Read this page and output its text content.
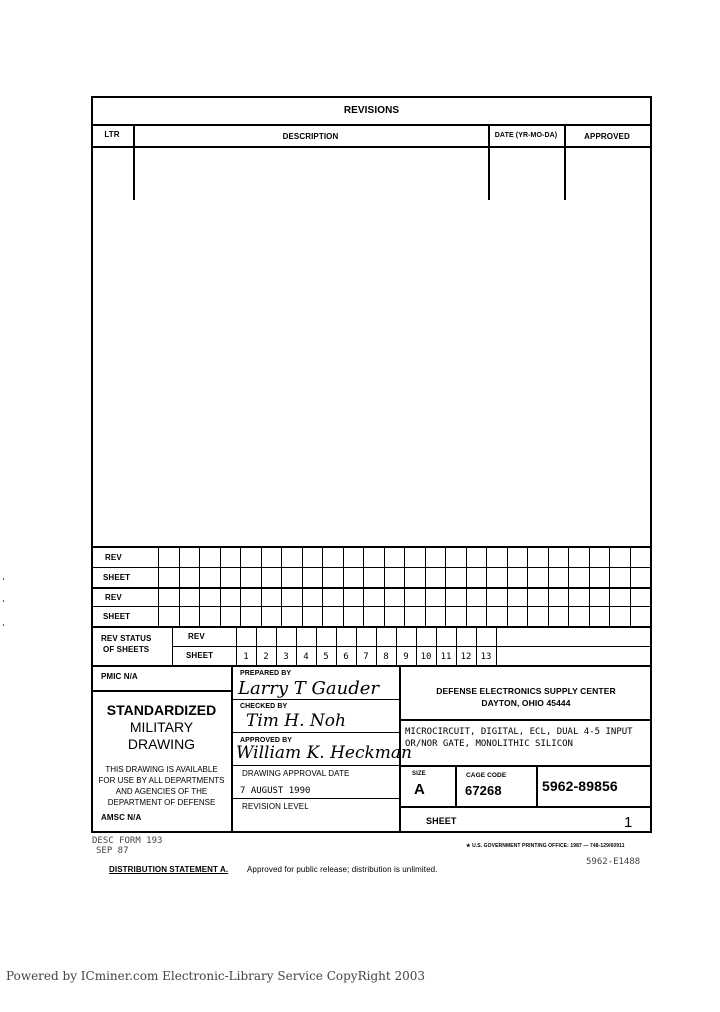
REVISIONS
LTR	DESCRIPTION	DATE (YR-MO-DA)	APPROVED
REV
SHEET
REV
SHEET
REV STATUS
OF SHEETS
REV
SHEET	1	2	3	4	5	6	7	8	9	10	11	12	13
PMIC N/A
STANDARDIZED
MILITARY
DRAWING
THIS DRAWING IS AVAILABLE
FOR USE BY ALL DEPARTMENTS
AND AGENCIES OF THE
DEPARTMENT OF DEFENSE
AMSC N/A
PREPARED BY
Larry T Gauder
CHECKED BY
Tim H. Noh
APPROVED BY
William K. Heckman
DRAWING APPROVAL DATE
7 AUGUST 1990
REVISION LEVEL
DEFENSE ELECTRONICS SUPPLY CENTER
DAYTON, OHIO 45444
MICROCIRCUIT, DIGITAL, ECL, DUAL 4-5 INPUT
OR/NOR GATE, MONOLITHIC SILICON
SIZE
A
CAGE CODE
67268	5962-89856
SHEET	1
DESC FORM 193
SEP 87	★ U.S. GOVERNMENT PRINTING OFFICE: 1987 — 748-129/60911
5962-E1488
DISTRIBUTION STATEMENT A. Approved for public release; distribution is unlimited.
Powered by ICminer.com Electronic-Library Service CopyRight 2003
